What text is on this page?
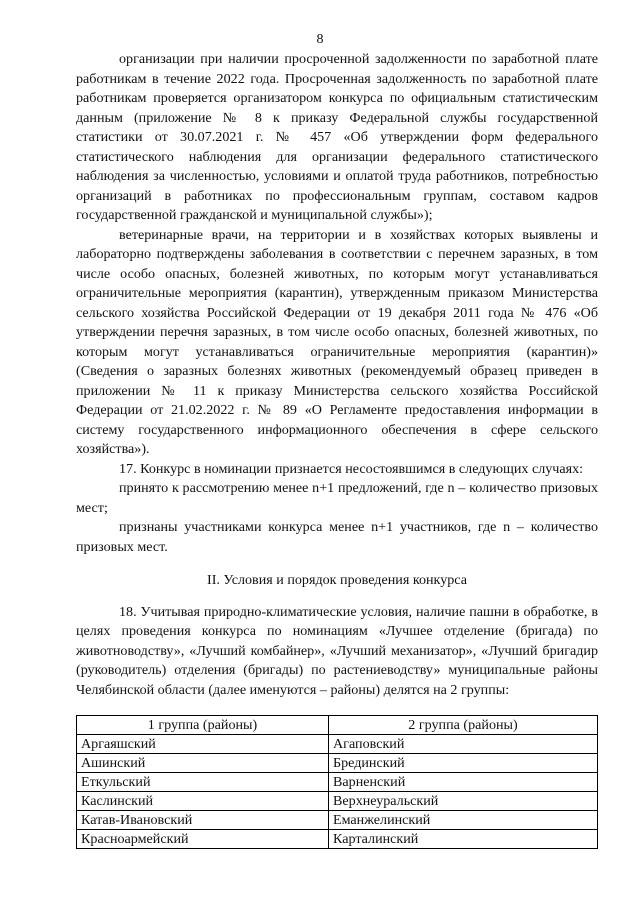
8

организации при наличии просроченной задолженности по заработной плате работникам в течение 2022 года. Просроченная задолженность по заработной плате работникам проверяется организатором конкурса по официальным статистическим данным (приложение № 8 к приказу Федеральной службы государственной статистики от 30.07.2021 г. № 457 «Об утверждении форм федерального статистического наблюдения для организации федерального статистического наблюдения за численностью, условиями и оплатой труда работников, потребностью организаций в работниках по профессиональным группам, составом кадров государственной гражданской и муниципальной службы»);

ветеринарные врачи, на территории и в хозяйствах которых выявлены и лабораторно подтверждены заболевания в соответствии с перечнем заразных, в том числе особо опасных, болезней животных, по которым могут устанавливаться ограничительные мероприятия (карантин), утвержденным приказом Министерства сельского хозяйства Российской Федерации от 19 декабря 2011 года № 476 «Об утверждении перечня заразных, в том числе особо опасных, болезней животных, по которым могут устанавливаться ограничительные мероприятия (карантин)» (Сведения о заразных болезнях животных (рекомендуемый образец приведен в приложении № 11 к приказу Министерства сельского хозяйства Российской Федерации от 21.02.2022 г. № 89 «О Регламенте предоставления информации в систему государственного информационного обеспечения в сфере сельского хозяйства»).

17. Конкурс в номинации признается несостоявшимся в следующих случаях:

принято к рассмотрению менее n+1 предложений, где n – количество призовых мест;

признаны участниками конкурса менее n+1 участников, где n – количество призовых мест.

II. Условия и порядок проведения конкурса

18. Учитывая природно-климатические условия, наличие пашни в обработке, в целях проведения конкурса по номинациям «Лучшее отделение (бригада) по животноводству», «Лучший комбайнер», «Лучший механизатор», «Лучший бригадир (руководитель) отделения (бригады) по растениеводству» муниципальные районы Челябинской области (далее именуются – районы) делятся на 2 группы:

1 группа (районы)	2 группа (районы)
Аргаяшский	Агаповский
Ашинский	Брединский
Еткульский	Варненский
Каслинский	Верхнеуральский
Катав-Ивановский	Еманжелинский
Красноармейский	Карталинский
